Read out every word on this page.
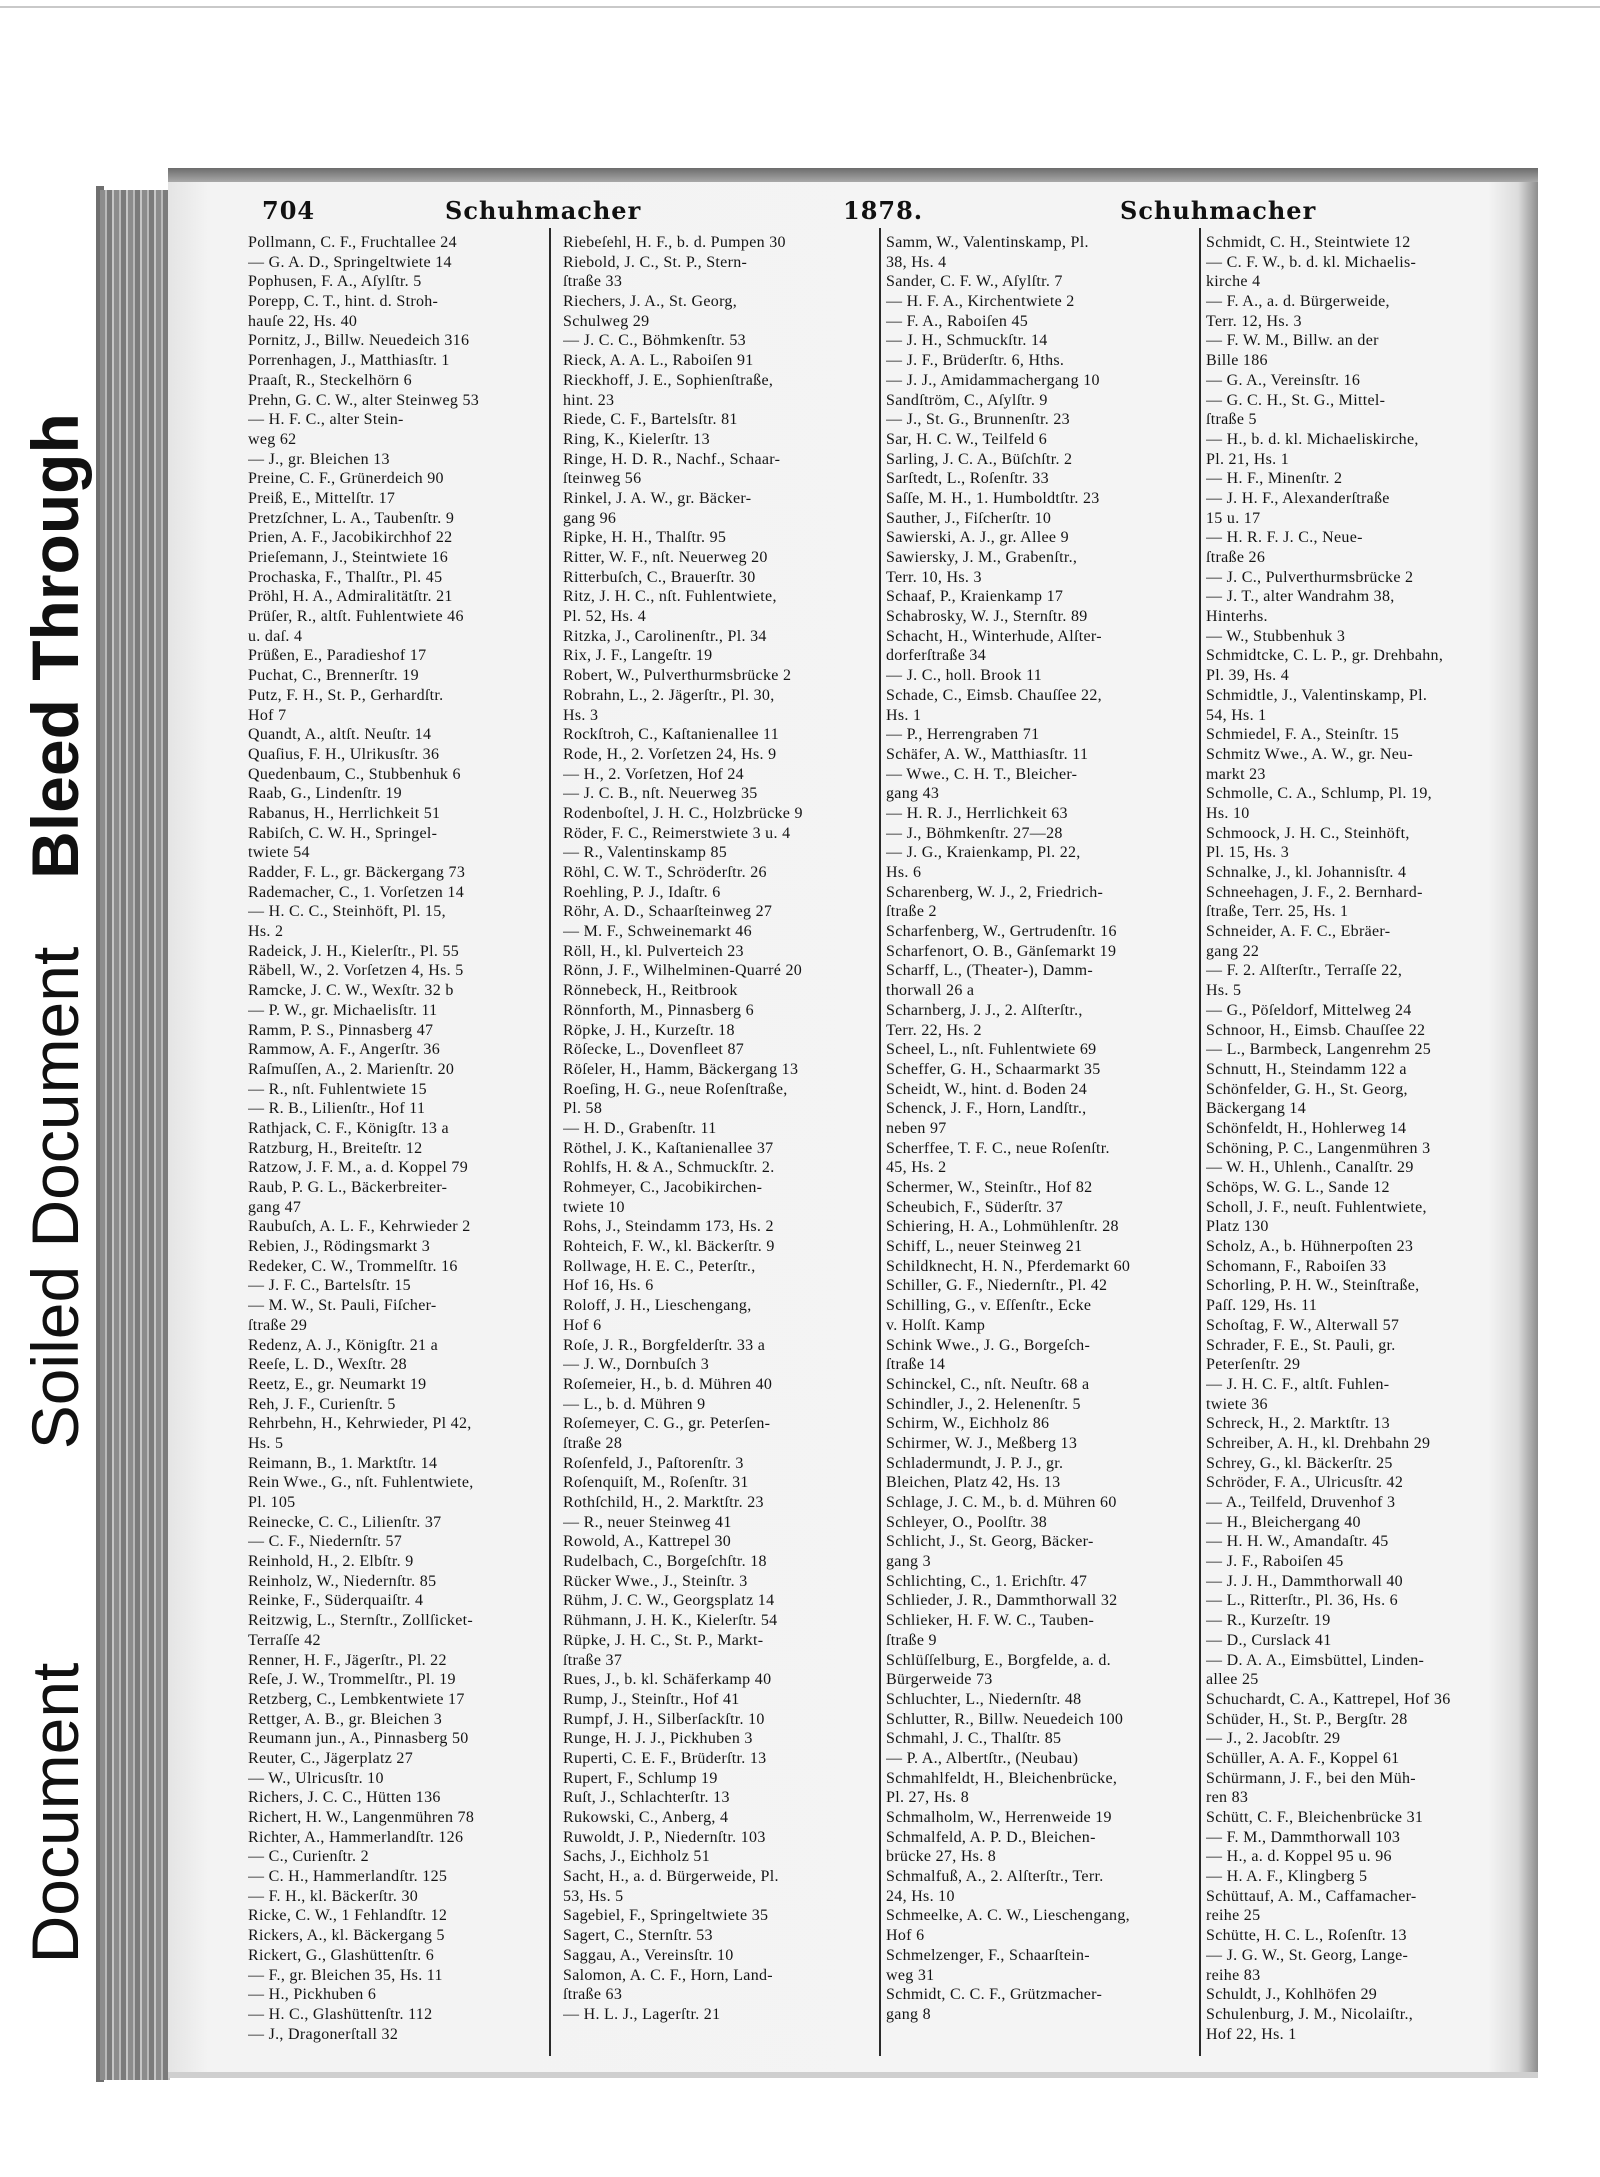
Bleed Through
Soiled Document
Document
704	Schuhmacher	1878.	Schuhmacher
Pollmann, C. F., Fruchtallee 24
— G. A. D., Springeltwiete 14
Pophusen, F. A., Aſylſtr. 5
Porepp, C. T., hint. d. Stroh-
hauſe 22, Hs. 40
Pornitz, J., Billw. Neuedeich 316
Porrenhagen, J., Matthiasſtr. 1
Praaſt, R., Steckelhörn 6
Prehn, G. C. W., alter Steinweg 53
— H. F. C., alter Stein-
weg 62
— J., gr. Bleichen 13
Preine, C. F., Grünerdeich 90
Preiß, E., Mittelſtr. 17
Pretzſchner, L. A., Taubenſtr. 9
Prien, A. F., Jacobikirchhof 22
Prieſemann, J., Steintwiete 16
Prochaska, F., Thalſtr., Pl. 45
Pröhl, H. A., Admiralitätſtr. 21
Prüſer, R., altſt. Fuhlentwiete 46
u. daſ. 4
Prüßen, E., Paradieshof 17
Puchat, C., Brennerſtr. 19
Putz, F. H., St. P., Gerhardſtr.
Hof 7
Quandt, A., altſt. Neuſtr. 14
Quaſius, F. H., Ulrikusſtr. 36
Quedenbaum, C., Stubbenhuk 6
Raab, G., Lindenſtr. 19
Rabanus, H., Herrlichkeit 51
Rabiſch, C. W. H., Springel-
twiete 54
Radder, F. L., gr. Bäckergang 73
Rademacher, C., 1. Vorſetzen 14
— H. C. C., Steinhöft, Pl. 15,
Hs. 2
Radeick, J. H., Kielerſtr., Pl. 55
Räbell, W., 2. Vorſetzen 4, Hs. 5
Ramcke, J. C. W., Wexſtr. 32 b
— P. W., gr. Michaelisſtr. 11
Ramm, P. S., Pinnasberg 47
Rammow, A. F., Angerſtr. 36
Raſmuſſen, A., 2. Marienſtr. 20
— R., nſt. Fuhlentwiete 15
— R. B., Lilienſtr., Hof 11
Rathjack, C. F., Königſtr. 13 a
Ratzburg, H., Breiteſtr. 12
Ratzow, J. F. M., a. d. Koppel 79
Raub, P. G. L., Bäckerbreiter-
gang 47
Raubuſch, A. L. F., Kehrwieder 2
Rebien, J., Rödingsmarkt 3
Redeker, C. W., Trommelſtr. 16
— J. F. C., Bartelsſtr. 15
— M. W., St. Pauli, Fiſcher-
ſtraße 29
Redenz, A. J., Königſtr. 21 a
Reeſe, L. D., Wexſtr. 28
Reetz, E., gr. Neumarkt 19
Reh, J. F., Curienſtr. 5
Rehrbehn, H., Kehrwieder, Pl 42,
Hs. 5
Reimann, B., 1. Marktſtr. 14
Rein Wwe., G., nſt. Fuhlentwiete,
Pl. 105
Reinecke, C. C., Lilienſtr. 37
— C. F., Niedernſtr. 57
Reinhold, H., 2. Elbſtr. 9
Reinholz, W., Niedernſtr. 85
Reinke, F., Süderquaiſtr. 4
Reitzwig, L., Sternſtr., Zollſicket-
Terraſſe 42
Renner, H. F., Jägerſtr., Pl. 22
Reſe, J. W., Trommelſtr., Pl. 19
Retzberg, C., Lembkentwiete 17
Rettger, A. B., gr. Bleichen 3
Reumann jun., A., Pinnasberg 50
Reuter, C., Jägerplatz 27
— W., Ulricusſtr. 10
Richers, J. C. C., Hütten 136
Richert, H. W., Langenmühren 78
Richter, A., Hammerlandſtr. 126
— C., Curienſtr. 2
— C. H., Hammerlandſtr. 125
— F. H., kl. Bäckerſtr. 30
Ricke, C. W., 1 Fehlandſtr. 12
Rickers, A., kl. Bäckergang 5
Rickert, G., Glashüttenſtr. 6
— F., gr. Bleichen 35, Hs. 11
— H., Pickhuben 6
— H. C., Glashüttenſtr. 112
— J., Dragonerſtall 32
Riebeſehl, H. F., b. d. Pumpen 30
Riebold, J. C., St. P., Stern-
ſtraße 33
Riechers, J. A., St. Georg,
Schulweg 29
— J. C. C., Böhmkenſtr. 53
Rieck, A. A. L., Raboiſen 91
Rieckhoff, J. E., Sophienſtraße,
hint. 23
Riede, C. F., Bartelsſtr. 81
Ring, K., Kielerſtr. 13
Ringe, H. D. R., Nachf., Schaar-
ſteinweg 56
Rinkel, J. A. W., gr. Bäcker-
gang 96
Ripke, H. H., Thalſtr. 95
Ritter, W. F., nſt. Neuerweg 20
Ritterbuſch, C., Brauerſtr. 30
Ritz, J. H. C., nſt. Fuhlentwiete,
Pl. 52, Hs. 4
Ritzka, J., Carolinenſtr., Pl. 34
Rix, J. F., Langeſtr. 19
Robert, W., Pulverthurmsbrücke 2
Robrahn, L., 2. Jägerſtr., Pl. 30,
Hs. 3
Rockſtroh, C., Kaſtanienallee 11
Rode, H., 2. Vorſetzen 24, Hs. 9
— H., 2. Vorſetzen, Hof 24
— J. C. B., nſt. Neuerweg 35
Rodenboſtel, J. H. C., Holzbrücke 9
Röder, F. C., Reimerstwiete 3 u. 4
— R., Valentinskamp 85
Röhl, C. W. T., Schröderſtr. 26
Roehling, P. J., Idaſtr. 6
Röhr, A. D., Schaarſteinweg 27
— M. F., Schweinemarkt 46
Röll, H., kl. Pulverteich 23
Rönn, J. F., Wilhelminen-Quarré 20
Rönnebeck, H., Reitbrook
Rönnforth, M., Pinnasberg 6
Röpke, J. H., Kurzeſtr. 18
Röſecke, L., Dovenfleet 87
Röſeler, H., Hamm, Bäckergang 13
Roeſing, H. G., neue Roſenſtraße,
Pl. 58
— H. D., Grabenſtr. 11
Röthel, J. K., Kaſtanienallee 37
Rohlfs, H. & A., Schmuckſtr. 2.
Rohmeyer, C., Jacobikirchen-
twiete 10
Rohs, J., Steindamm 173, Hs. 2
Rohteich, F. W., kl. Bäckerſtr. 9
Rollwage, H. E. C., Peterſtr.,
Hof 16, Hs. 6
Roloff, J. H., Lieschengang,
Hof 6
Roſe, J. R., Borgfelderſtr. 33 a
— J. W., Dornbuſch 3
Roſemeier, H., b. d. Mühren 40
— L., b. d. Mühren 9
Roſemeyer, C. G., gr. Peterſen-
ſtraße 28
Roſenfeld, J., Paſtorenſtr. 3
Roſenquiſt, M., Roſenſtr. 31
Rothſchild, H., 2. Marktſtr. 23
— R., neuer Steinweg 41
Rowold, A., Kattrepel 30
Rudelbach, C., Borgeſchſtr. 18
Rücker Wwe., J., Steinſtr. 3
Rühm, J. C. W., Georgsplatz 14
Rühmann, J. H. K., Kielerſtr. 54
Rüpke, J. H. C., St. P., Markt-
ſtraße 37
Rues, J., b. kl. Schäferkamp 40
Rump, J., Steinſtr., Hof 41
Rumpf, J. H., Silberſackſtr. 10
Runge, H. J. J., Pickhuben 3
Ruperti, C. E. F., Brüderſtr. 13
Rupert, F., Schlump 19
Ruſt, J., Schlachterſtr. 13
Rukowski, C., Anberg, 4
Ruwoldt, J. P., Niedernſtr. 103
Sachs, J., Eichholz 51
Sacht, H., a. d. Bürgerweide, Pl.
53, Hs. 5
Sagebiel, F., Springeltwiete 35
Sagert, C., Sternſtr. 53
Saggau, A., Vereinsſtr. 10
Salomon, A. C. F., Horn, Land-
ſtraße 63
— H. L. J., Lagerſtr. 21
Samm, W., Valentinskamp, Pl.
38, Hs. 4
Sander, C. F. W., Aſylſtr. 7
— H. F. A., Kirchentwiete 2
— F. A., Raboiſen 45
— J. H., Schmuckſtr. 14
— J. F., Brüderſtr. 6, Hths.
— J. J., Amidammachergang 10
Sandſtröm, C., Aſylſtr. 9
— J., St. G., Brunnenſtr. 23
Sar, H. C. W., Teilfeld 6
Sarling, J. C. A., Büſchſtr. 2
Sarſtedt, L., Roſenſtr. 33
Saſſe, M. H., 1. Humboldtſtr. 23
Sauther, J., Fiſcherſtr. 10
Sawierski, A. J., gr. Allee 9
Sawiersky, J. M., Grabenſtr.,
Terr. 10, Hs. 3
Schaaf, P., Kraienkamp 17
Schabrosky, W. J., Sternſtr. 89
Schacht, H., Winterhude, Alſter-
dorferſtraße 34
— J. C., holl. Brook 11
Schade, C., Eimsb. Chauſſee 22,
Hs. 1
— P., Herrengraben 71
Schäfer, A. W., Matthiasſtr. 11
— Wwe., C. H. T., Bleicher-
gang 43
— H. R. J., Herrlichkeit 63
— J., Böhmkenſtr. 27—28
— J. G., Kraienkamp, Pl. 22,
Hs. 6
Scharenberg, W. J., 2, Friedrich-
ſtraße 2
Scharfenberg, W., Gertrudenſtr. 16
Scharfenort, O. B., Gänſemarkt 19
Scharff, L., (Theater-), Damm-
thorwall 26 a
Scharnberg, J. J., 2. Alſterſtr.,
Terr. 22, Hs. 2
Scheel, L., nſt. Fuhlentwiete 69
Scheffer, G. H., Schaarmarkt 35
Scheidt, W., hint. d. Boden 24
Schenck, J. F., Horn, Landſtr.,
neben 97
Scherffee, T. F. C., neue Roſenſtr.
45, Hs. 2
Schermer, W., Steinſtr., Hof 82
Scheubich, F., Süderſtr. 37
Schiering, H. A., Lohmühlenſtr. 28
Schiff, L., neuer Steinweg 21
Schildknecht, H. N., Pferdemarkt 60
Schiller, G. F., Niedernſtr., Pl. 42
Schilling, G., v. Eſſenſtr., Ecke
v. Holſt. Kamp
Schink Wwe., J. G., Borgeſch-
ſtraße 14
Schinckel, C., nſt. Neuſtr. 68 a
Schindler, J., 2. Helenenſtr. 5
Schirm, W., Eichholz 86
Schirmer, W. J., Meßberg 13
Schladermundt, J. P. J., gr.
Bleichen, Platz 42, Hs. 13
Schlage, J. C. M., b. d. Mühren 60
Schleyer, O., Poolſtr. 38
Schlicht, J., St. Georg, Bäcker-
gang 3
Schlichting, C., 1. Erichſtr. 47
Schlieder, J. R., Dammthorwall 32
Schlieker, H. F. W. C., Tauben-
ſtraße 9
Schlüſſelburg, E., Borgfelde, a. d.
Bürgerweide 73
Schluchter, L., Niedernſtr. 48
Schlutter, R., Billw. Neuedeich 100
Schmahl, J. C., Thalſtr. 85
— P. A., Albertſtr., (Neubau)
Schmahlfeldt, H., Bleichenbrücke,
Pl. 27, Hs. 8
Schmalholm, W., Herrenweide 19
Schmalfeld, A. P. D., Bleichen-
brücke 27, Hs. 8
Schmalfuß, A., 2. Alſterſtr., Terr.
24, Hs. 10
Schmeelke, A. C. W., Lieschengang,
Hof 6
Schmelzenger, F., Schaarſtein-
weg 31
Schmidt, C. C. F., Grützmacher-
gang 8
Schmidt, C. H., Steintwiete 12
— C. F. W., b. d. kl. Michaelis-
kirche 4
— F. A., a. d. Bürgerweide,
Terr. 12, Hs. 3
— F. W. M., Billw. an der
Bille 186
— G. A., Vereinsſtr. 16
— G. C. H., St. G., Mittel-
ſtraße 5
— H., b. d. kl. Michaeliskirche,
Pl. 21, Hs. 1
— H. F., Minenſtr. 2
— J. H. F., Alexanderſtraße
15 u. 17
— H. R. F. J. C., Neue-
ſtraße 26
— J. C., Pulverthurmsbrücke 2
— J. T., alter Wandrahm 38,
Hinterhs.
— W., Stubbenhuk 3
Schmidtcke, C. L. P., gr. Drehbahn,
Pl. 39, Hs. 4
Schmidtle, J., Valentinskamp, Pl.
54, Hs. 1
Schmiedel, F. A., Steinſtr. 15
Schmitz Wwe., A. W., gr. Neu-
markt 23
Schmolle, C. A., Schlump, Pl. 19,
Hs. 10
Schmoock, J. H. C., Steinhöft,
Pl. 15, Hs. 3
Schnalke, J., kl. Johannisſtr. 4
Schneehagen, J. F., 2. Bernhard-
ſtraße, Terr. 25, Hs. 1
Schneider, A. F. C., Ebräer-
gang 22
— F. 2. Alſterſtr., Terraſſe 22,
Hs. 5
— G., Pöſeldorf, Mittelweg 24
Schnoor, H., Eimsb. Chauſſee 22
— L., Barmbeck, Langenrehm 25
Schnutt, H., Steindamm 122 a
Schönfelder, G. H., St. Georg,
Bäckergang 14
Schönfeldt, H., Hohlerweg 14
Schöning, P. C., Langenmühren 3
— W. H., Uhlenh., Canalſtr. 29
Schöps, W. G. L., Sande 12
Scholl, J. F., neuſt. Fuhlentwiete,
Platz 130
Scholz, A., b. Hühnerpoſten 23
Schomann, F., Raboiſen 33
Schorling, P. H. W., Steinſtraße,
Paſſ. 129, Hs. 11
Schoſtag, F. W., Alterwall 57
Schrader, F. E., St. Pauli, gr.
Peterſenſtr. 29
— J. H. C. F., altſt. Fuhlen-
twiete 36
Schreck, H., 2. Marktſtr. 13
Schreiber, A. H., kl. Drehbahn 29
Schrey, G., kl. Bäckerſtr. 25
Schröder, F. A., Ulricusſtr. 42
— A., Teilfeld, Druvenhof 3
— H., Bleichergang 40
— H. H. W., Amandaſtr. 45
— J. F., Raboiſen 45
— J. J. H., Dammthorwall 40
— L., Ritterſtr., Pl. 36, Hs. 6
— R., Kurzeſtr. 19
— D., Curslack 41
— D. A. A., Eimsbüttel, Linden-
allee 25
Schuchardt, C. A., Kattrepel, Hof 36
Schüder, H., St. P., Bergſtr. 28
— J., 2. Jacobſtr. 29
Schüller, A. A. F., Koppel 61
Schürmann, J. F., bei den Müh-
ren 83
Schütt, C. F., Bleichenbrücke 31
— F. M., Dammthorwall 103
— H., a. d. Koppel 95 u. 96
— H. A. F., Klingberg 5
Schüttauf, A. M., Caffamacher-
reihe 25
Schütte, H. C. L., Roſenſtr. 13
— J. G. W., St. Georg, Lange-
reihe 83
Schuldt, J., Kohlhöfen 29
Schulenburg, J. M., Nicolaiſtr.,
Hof 22, Hs. 1
